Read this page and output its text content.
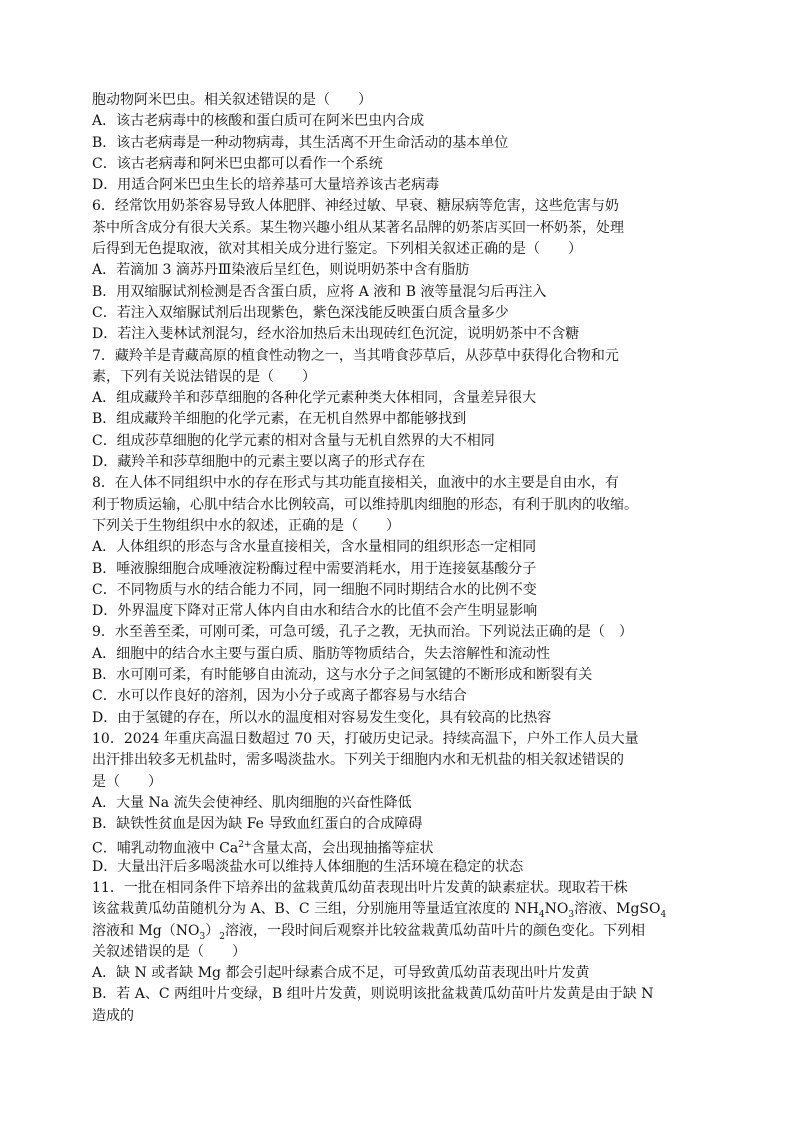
胞动物阿米巴虫。相关叙述错误的是（　　）
A．该古老病毒中的核酸和蛋白质可在阿米巴虫内合成
B．该古老病毒是一种动物病毒，其生活离不开生命活动的基本单位
C．该古老病毒和阿米巴虫都可以看作一个系统
D．用适合阿米巴虫生长的培养基可大量培养该古老病毒
6．经常饮用奶茶容易导致人体肥胖、神经过敏、早衰、糖尿病等危害，这些危害与奶
茶中所含成分有很大关系。某生物兴趣小组从某著名品牌的奶茶店买回一杯奶茶，处理
后得到无色提取液，欲对其相关成分进行鉴定。下列相关叙述正确的是（　　）
A．若滴加 3 滴苏丹Ⅲ染液后呈红色，则说明奶茶中含有脂肪
B．用双缩脲试剂检测是否含蛋白质，应将 A 液和 B 液等量混匀后再注入
C．若注入双缩脲试剂后出现紫色，紫色深浅能反映蛋白质含量多少
D．若注入斐林试剂混匀，经水浴加热后未出现砖红色沉淀，说明奶茶中不含糖
7．藏羚羊是青藏高原的植食性动物之一，当其啃食莎草后，从莎草中获得化合物和元
素，下列有关说法错误的是（　　）
A．组成藏羚羊和莎草细胞的各种化学元素种类大体相同，含量差异很大
B．组成藏羚羊细胞的化学元素，在无机自然界中都能够找到
C．组成莎草细胞的化学元素的相对含量与无机自然界的大不相同
D．藏羚羊和莎草细胞中的元素主要以离子的形式存在
8．在人体不同组织中水的存在形式与其功能直接相关，血液中的水主要是自由水，有
利于物质运输，心肌中结合水比例较高，可以维持肌肉细胞的形态，有利于肌肉的收缩。
下列关于生物组织中水的叙述，正确的是（　　）
A．人体组织的形态与含水量直接相关，含水量相同的组织形态一定相同
B．唾液腺细胞合成唾液淀粉酶过程中需要消耗水，用于连接氨基酸分子
C．不同物质与水的结合能力不同，同一细胞不同时期结合水的比例不变
D．外界温度下降对正常人体内自由水和结合水的比值不会产生明显影响
9．水至善至柔，可刚可柔，可急可缓，孔子之教，无执而治。下列说法正确的是（　）
A．细胞中的结合水主要与蛋白质、脂肪等物质结合，失去溶解性和流动性
B．水可刚可柔，有时能够自由流动，这与水分子之间氢键的不断形成和断裂有关
C．水可以作良好的溶剂，因为小分子或离子都容易与水结合
D．由于氢键的存在，所以水的温度相对容易发生变化，具有较高的比热容
10．2024 年重庆高温日数超过 70 天，打破历史记录。持续高温下，户外工作人员大量
出汗排出较多无机盐时，需多喝淡盐水。下列关于细胞内水和无机盐的相关叙述错误的
是（　　）
A．大量 Na 流失会使神经、肌肉细胞的兴奋性降低
B．缺铁性贫血是因为缺 Fe 导致血红蛋白的合成障碍
C．哺乳动物血液中 $Ca^{2+}$含量太高，会出现抽搐等症状
D．大量出汗后多喝淡盐水可以维持人体细胞的生活环境在稳定的状态
11．一批在相同条件下培养出的盆栽黄瓜幼苗表现出叶片发黄的缺素症状。现取若干株
该盆栽黄瓜幼苗随机分为 A、B、C 三组，分别施用等量适宜浓度的 $NH_4NO_3$溶液、MgSO$_4$
溶液和 $Mg(NO_3)_2$溶液，一段时间后观察并比较盆栽黄瓜幼苗叶片的颜色变化。下列相
关叙述错误的是（　　）
A．缺 N 或者缺 Mg 都会引起叶绿素合成不足，可导致黄瓜幼苗表现出叶片发黄
B．若 A、C 两组叶片变绿，B 组叶片发黄，则说明该批盆栽黄瓜幼苗叶片发黄是由于缺 N
造成的
